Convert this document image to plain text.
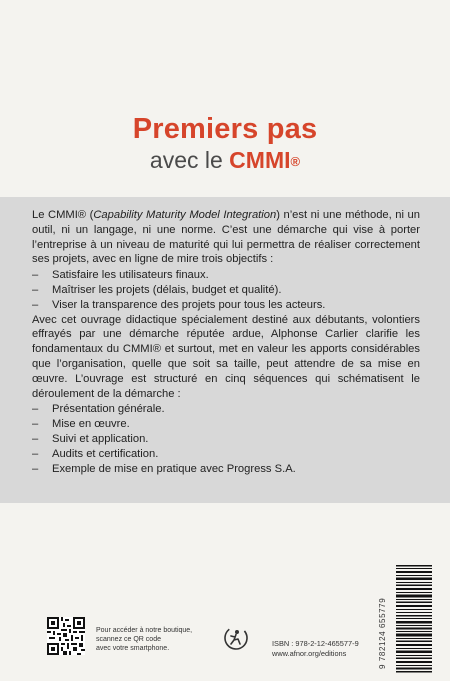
Premiers pas
avec le CMMI®

Le CMMI® (Capability Maturity Model Integration) n’est ni une méthode, ni un outil, ni un langage, ni une norme. C’est une démarche qui vise à porter l’entreprise à un niveau de maturité qui lui permettra de réaliser correctement ses projets, avec en ligne de mire trois objectifs :

– Satisfaire les utilisateurs finaux.
– Maîtriser les projets (délais, budget et qualité).
– Viser la transparence des projets pour tous les acteurs.

Avec cet ouvrage didactique spécialement destiné aux débutants, volontiers effrayés par une démarche réputée ardue, Alphonse Carlier clarifie les fondamentaux du CMMI® et surtout, met en valeur les apports considérables que l’organisation, quelle que soit sa taille, peut attendre de sa mise en œuvre. L’ouvrage est structuré en cinq séquences qui schématisent le déroulement de la démarche :

– Présentation générale.
– Mise en œuvre.
– Suivi et application.
– Audits et certification.
– Exemple de mise en pratique avec Progress S.A.
Pour accéder à notre boutique,
scannez ce QR code
avec votre smartphone.
ISBN : 978-2-12-465577-9
www.afnor.org/editions	9 782124 655779
